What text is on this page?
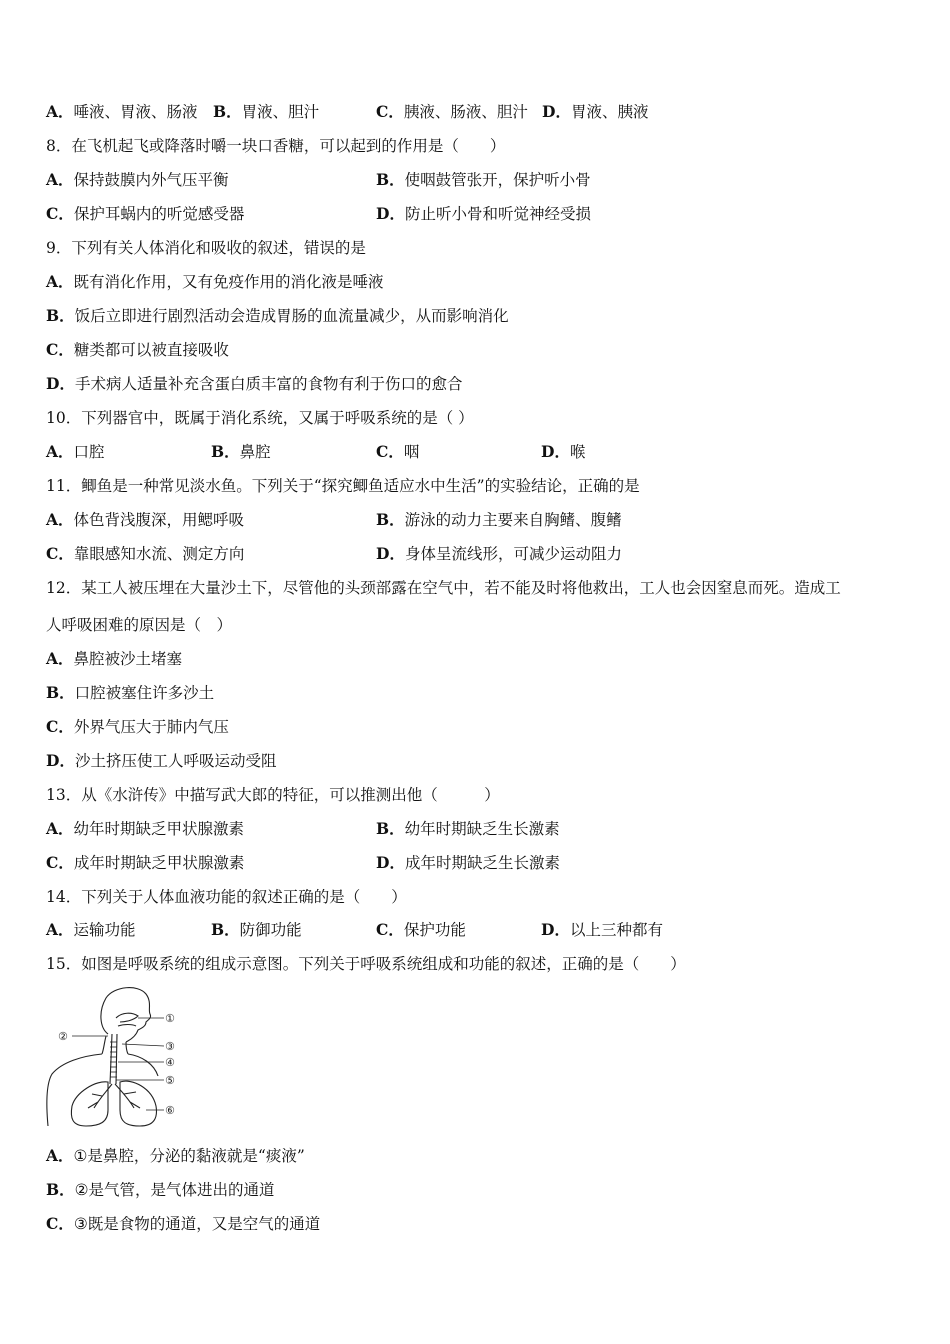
A．唾液、胃液、肠液 B．胃液、胆汁	C．胰液、肠液、胆汁 D．胃液、胰液
8．在飞机起飞或降落时嚼一块口香糖，可以起到的作用是（　　）
A．保持鼓膜内外气压平衡	B．使咽鼓管张开，保护听小骨
C．保护耳蜗内的听觉感受器	D．防止听小骨和听觉神经受损
9．下列有关人体消化和吸收的叙述，错误的是
A．既有消化作用，又有免疫作用的消化液是唾液
B．饭后立即进行剧烈活动会造成胃肠的血流量减少，从而影响消化
C．糖类都可以被直接吸收
D．手术病人适量补充含蛋白质丰富的食物有利于伤口的愈合
10．下列器官中，既属于消化系统，又属于呼吸系统的是（ ）
A．口腔	B．鼻腔	C．咽	D．喉
11．鲫鱼是一种常见淡水鱼。下列关于“探究鲫鱼适应水中生活”的实验结论，正确的是
A．体色背浅腹深，用鳃呼吸	B．游泳的动力主要来自胸鳍、腹鳍
C．靠眼感知水流、测定方向	D．身体呈流线形，可减少运动阻力
12．某工人被压埋在大量沙土下，尽管他的头颈部露在空气中，若不能及时将他救出，工人也会因窒息而死。造成工
人呼吸困难的原因是（　）
A．鼻腔被沙土堵塞
B．口腔被塞住许多沙土
C．外界气压大于肺内气压
D．沙土挤压使工人呼吸运动受阻
13．从《水浒传》中描写武大郎的特征，可以推测出他（　　　）
A．幼年时期缺乏甲状腺激素	B．幼年时期缺乏生长激素
C．成年时期缺乏甲状腺激素	D．成年时期缺乏生长激素
14．下列关于人体血液功能的叙述正确的是（　　）
A．运输功能	B．防御功能	C．保护功能	D．以上三种都有
15．如图是呼吸系统的组成示意图。下列关于呼吸系统组成和功能的叙述，正确的是（　　）
①
②
③
④
⑤
⑥
A．①是鼻腔，分泌的黏液就是“痰液”
B．②是气管，是气体进出的通道
C．③既是食物的通道，又是空气的通道
